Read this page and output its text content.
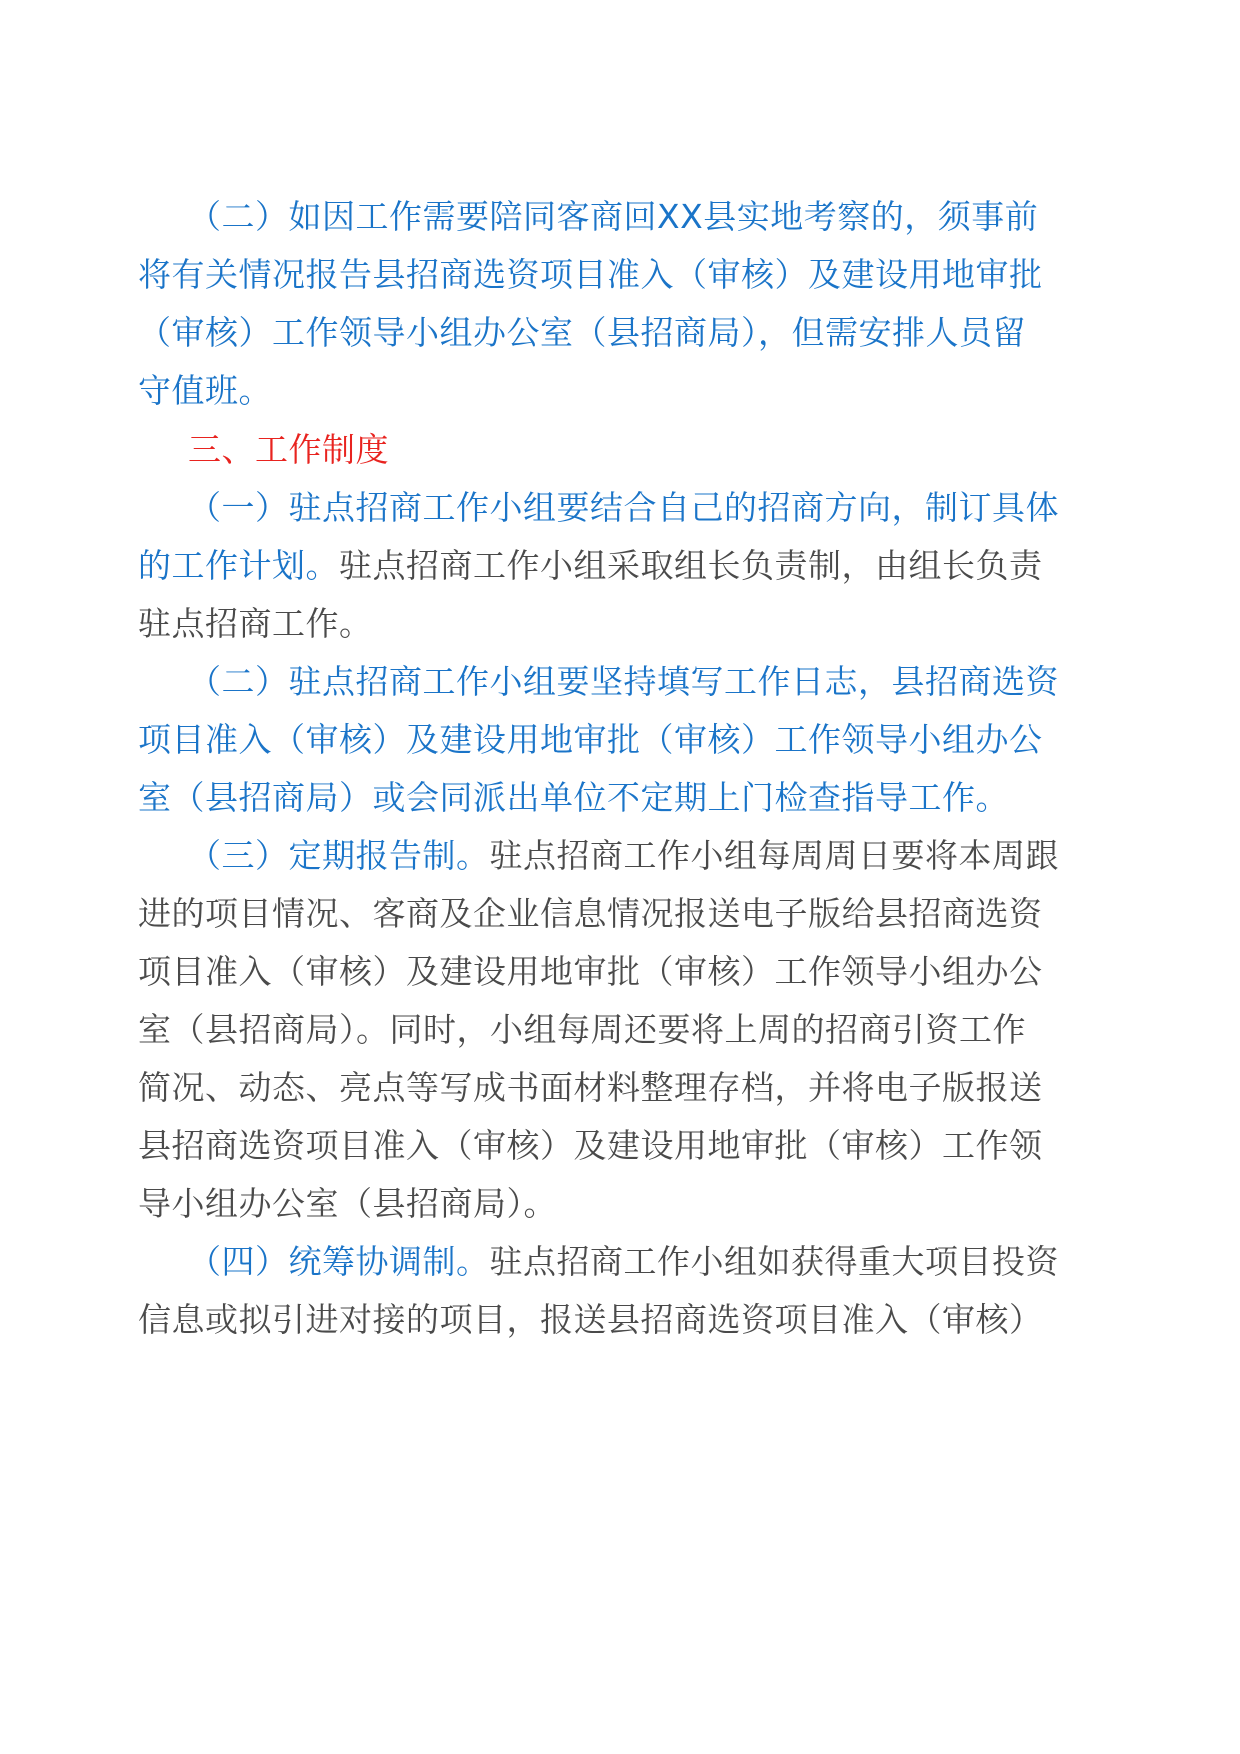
（二）如因工作需要陪同客商回XX县实地考察的，须事前
将有关情况报告县招商选资项目准入（审核）及建设用地审批
（审核）工作领导小组办公室（县招商局），但需安排人员留
守值班。
三、工作制度
（一）驻点招商工作小组要结合自己的招商方向，制订具体
的工作计划。驻点招商工作小组采取组长负责制，由组长负责
驻点招商工作。
（二）驻点招商工作小组要坚持填写工作日志，县招商选资
项目准入（审核）及建设用地审批（审核）工作领导小组办公
室（县招商局）或会同派出单位不定期上门检查指导工作。
（三）定期报告制。驻点招商工作小组每周周日要将本周跟
进的项目情况、客商及企业信息情况报送电子版给县招商选资
项目准入（审核）及建设用地审批（审核）工作领导小组办公
室（县招商局）。同时，小组每周还要将上周的招商引资工作
简况、动态、亮点等写成书面材料整理存档，并将电子版报送
县招商选资项目准入（审核）及建设用地审批（审核）工作领
导小组办公室（县招商局）。
（四）统筹协调制。驻点招商工作小组如获得重大项目投资
信息或拟引进对接的项目，报送县招商选资项目准入（审核）
